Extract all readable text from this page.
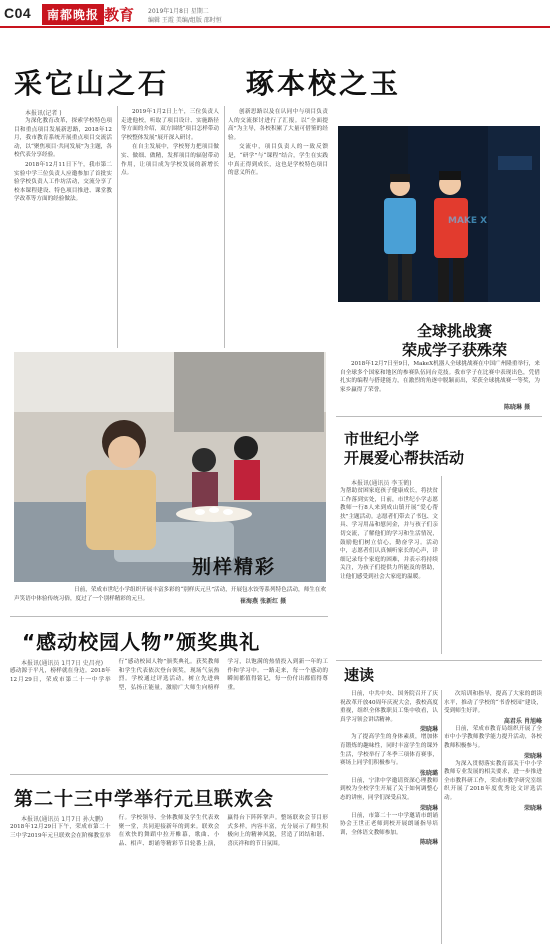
C04	南都晚报 教育 2019年1月8日 星期二
编辑 王霞 美编/组版 邵时恒
采它山之石	琢本校之玉
本报讯(记者 )

为深化教育改革，探索学校特色项目和重点项目发展新思路，2018年12月，我市教育系统开展重点项目交流活动，以“聚焦项目·共同发展”为主题，各校代表分享经验。

2018年12月11日下午，我市第二实验中学三位负责人应邀参加了首批实验学校负责人工作坊活动，交流分享了校本课程建设、特色项目推进、课堂教学改革等方面的经验做法。

2019年1月2日上午，三位负责人走进他校，听取了项目设计、实施路径等方面的介绍，双方围绕“项目怎样带动学校整体发展”展开深入研讨。

在自主发展中，学校努力把项目做实、做细、做精，发挥项目的辐射带动作用，让项目成为学校发展的新增长点。

创新思路以及在认同中与项目负责人的交流探讨进行了汇报。以“全面提高”为主导，各校积累了大量可借鉴的经验。

交流中，项目负责人的一致反馈是，“研学”与“课程”结合，学生在实践中真正得到成长，这也是学校特色项目的意义所在。

MAKE X
全球挑战赛
荣成学子获殊荣
2018年12月7日至9日，MakeX机器人全球挑战赛在中国广州隆重举行，来自全球多个国家和地区的参赛队伍同台竞技。我市学子在比赛中表现出色，凭借扎实的编程与搭建能力，在激烈的角逐中脱颖而出，荣获全球挑战赛一等奖，为家乡赢得了荣誉。
陈晓琳 摄
别样精彩
日前，荣成市世纪小学组织开展丰富多彩的“别样庆元旦”活动，开展包水饺等系列特色活动，师生在欢声笑语中体验传统习俗，度过了一个别样精彩的元旦。	崔海燕 张新红 摄
市世纪小学
开展爱心帮扶活动
本报讯(通讯员 李玉鹤)
为帮助贫困家庭孩子健康成长，将扶贫工作落到实处，日前，市世纪小学志愿教师一行8人来到成山镇开展“爱心帮扶”主题活动。志愿者们带去了书包、文具、学习用品和慰问金，并与孩子们亲切交流，了解他们的学习和生活情况，鼓励他们树立信心，勤奋学习。活动中，志愿者们认真倾听家长的心声，详细记录每个家庭的困难，并表示将持续关注，为孩子们提供力所能及的帮助，让他们感受到社会大家庭的温暖。
“感动校园人物”颁奖典礼
本报讯(通讯员 1月7日 史昌亮)
感动源于平凡，榜样就在身边。2018年12月29日，荣成市第二十一中学举行“感动校园人物”颁奖典礼。获奖教师和学生代表依次登台领奖，现场气氛热烈。学校通过评选活动，树立先进典型，弘扬正能量，激励广大师生向榜样学习，以饱满的热情投入到新一年的工作和学习中。一路走来，每一个感动的瞬间都值得铭记，每一份付出都值得尊重。
速读
日前，中共中央、国务院召开了庆祝改革开放40周年庆祝大会，我校高度重视，组织全体教职员工集中收看，认真学习领会讲话精神。
荣晓琳
为了提高学生的身体素质，增加体育锻炼的趣味性，同时丰富学生的课外生活，学校举行了冬季三项体育赛事，赛场上同学们积极参与。
张晓璐
日前，宁津中学邀请资深心理教师到校为全校学生开展了关于如何调整心态的讲座，同学们深受启发。
荣晓琳
日前，市第二十一中学邀请市朗诵协会王世正老师到校开展朗诵指导培训，全体语文教师参加。
陈晓琳
次培训和指导，提高了大家的朗读水平，推动了学校的“书香校园”建设，受到师生好评。
高君乐 肖旭峰
日前，荣成市教育局组织开展了全市中小学教师教学能力提升活动，各校教师积极参与。
荣晓琳
为深入贯彻落实教育部关于中小学教师专业发展的相关要求，进一步推进全市教科研工作，荣成市教学研究室组织开展了2018年度优秀论文评选活动。
荣晓琳
第二十三中学举行元旦联欢会
本报讯(通讯员 1月7日 孙大鹏)
2018年12月29日下午，荣成市第二十三中学2019年元旦联欢会在阶梯教室举行。学校领导、全体教师及学生代表欢聚一堂，共同迎接新年的到来。联欢会在欢快的舞蹈中拉开帷幕，歌曲、小品、相声、朗诵等精彩节目轮番上演，赢得台下阵阵掌声。整场联欢会节目形式多样，内容丰富，充分展示了师生积极向上的精神风貌，营造了团结和谐、喜庆祥和的节日氛围。
